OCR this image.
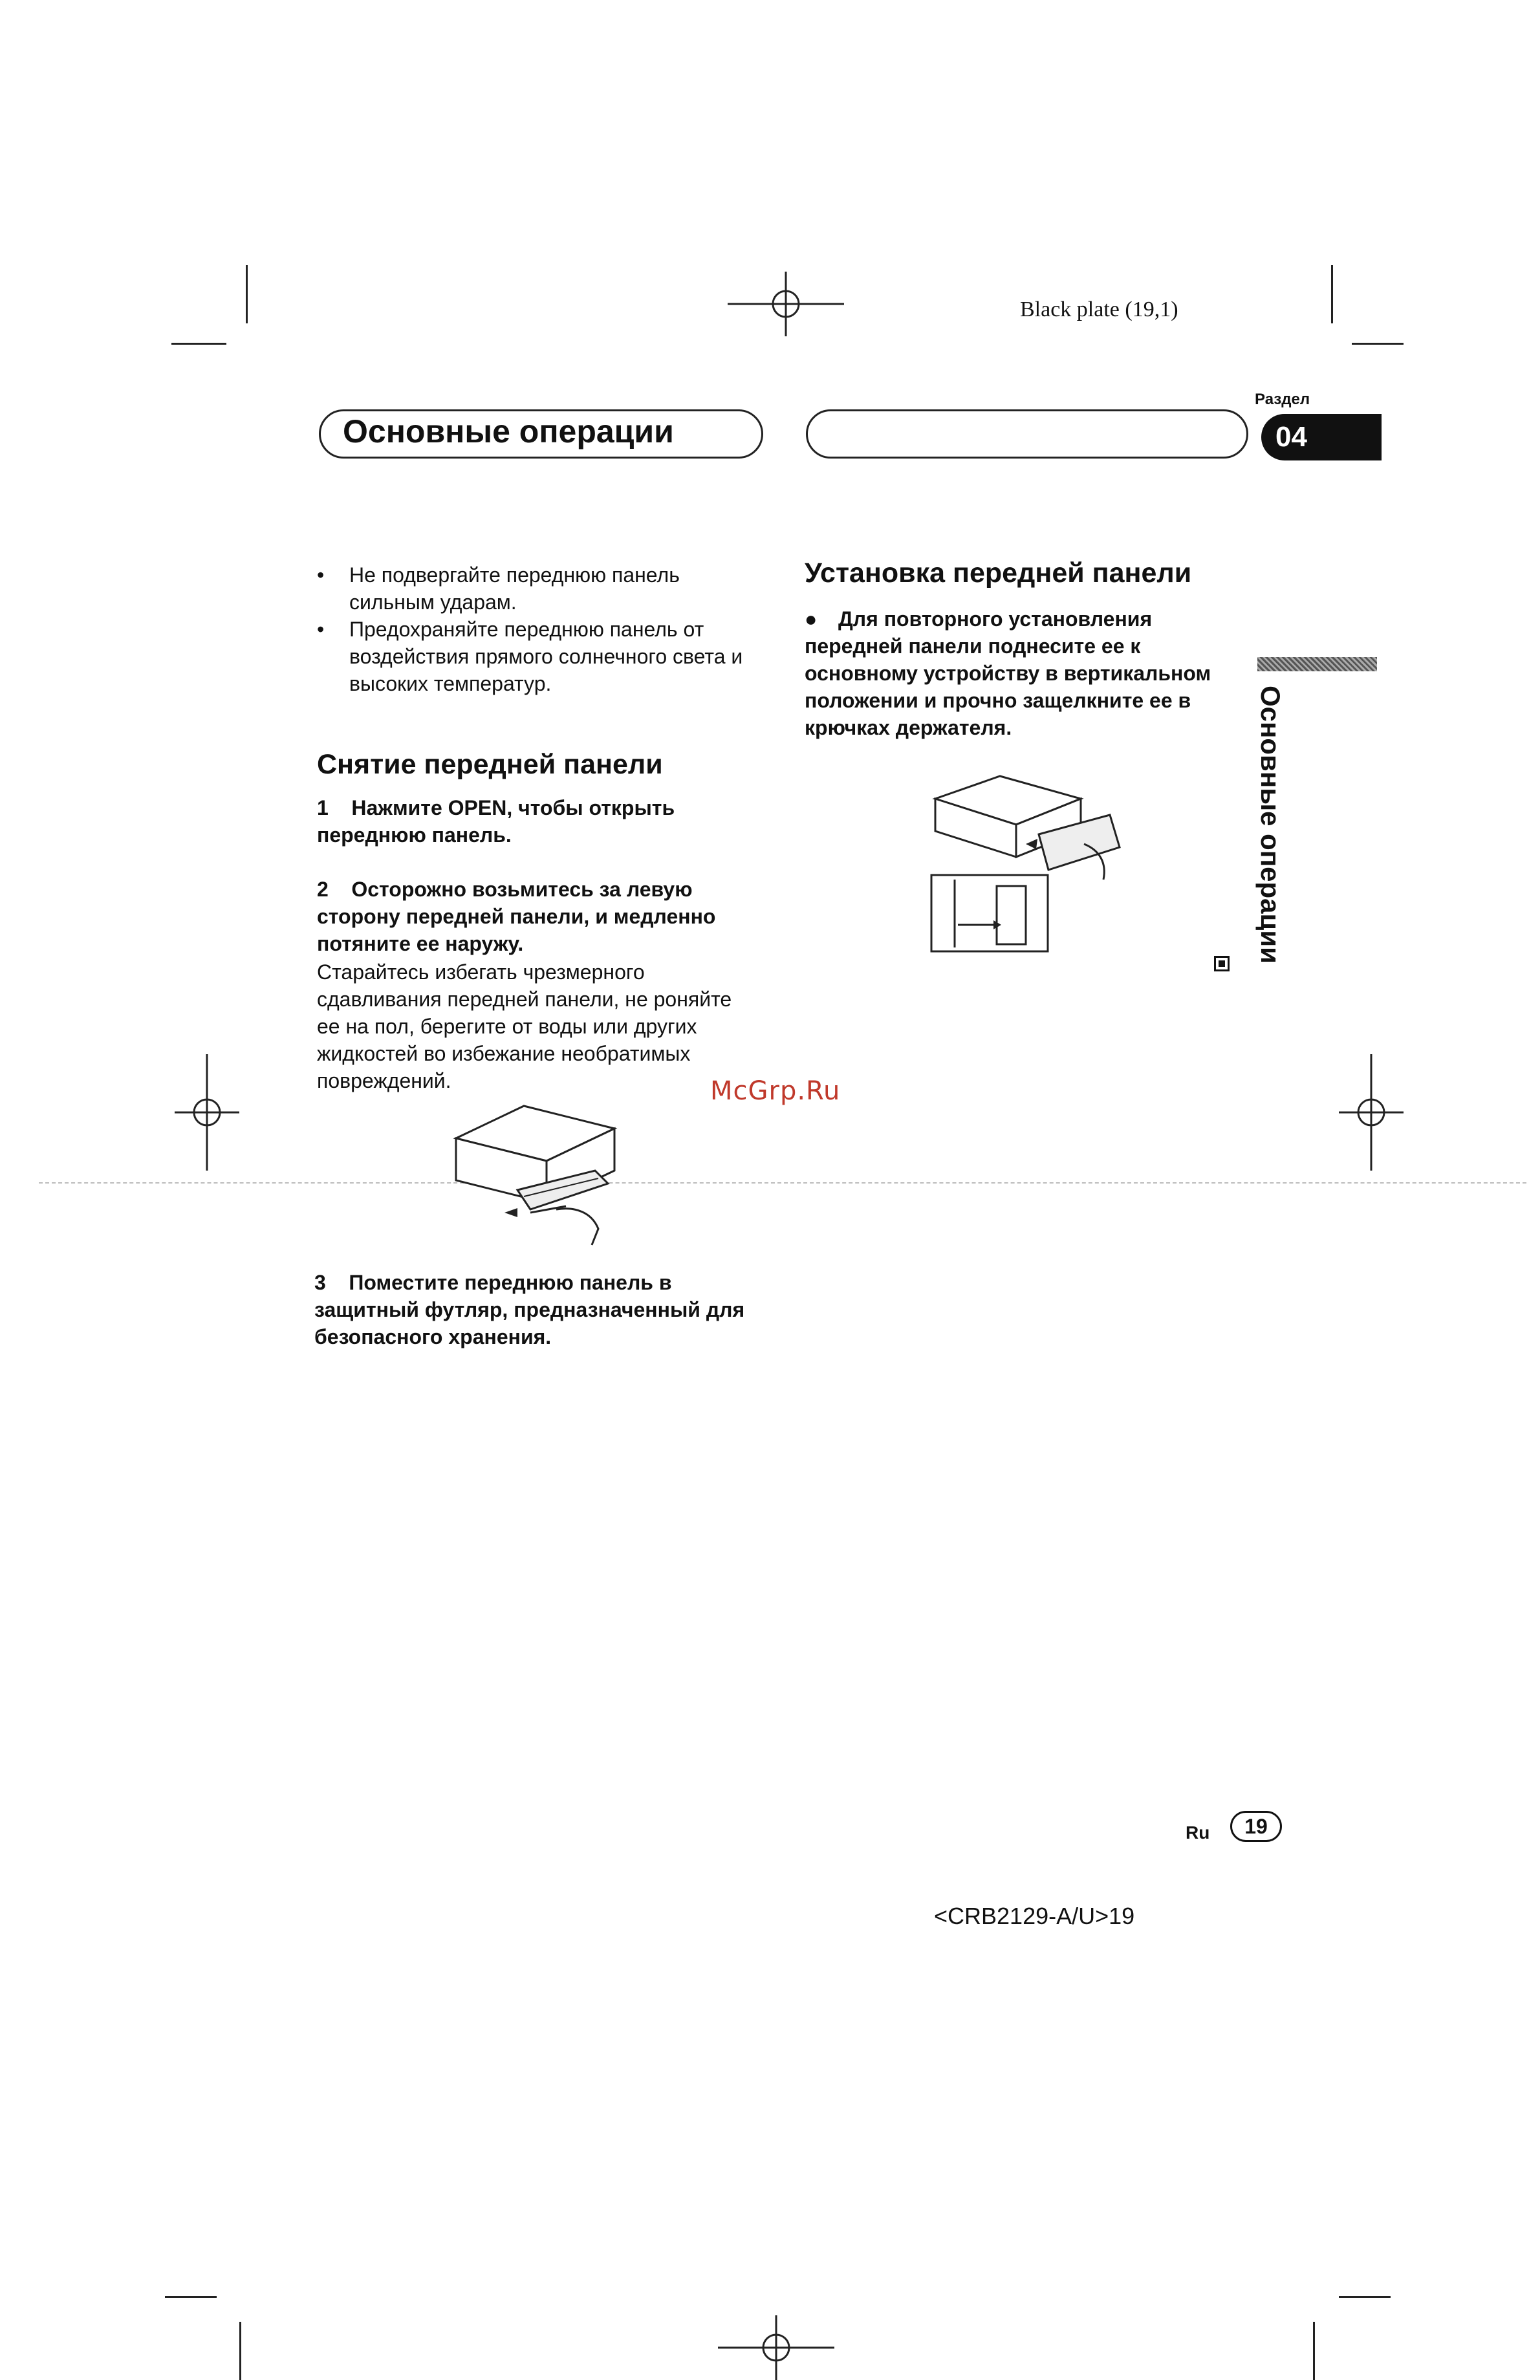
Black plate (19,1)
Основные операции
Раздел
04
• Не подвергайте переднюю панель сильным ударам.
• Предохраняйте переднюю панель от воздействия прямого солнечного света и высоких температур.
Снятие передней панели
1    Нажмите OPEN, чтобы открыть переднюю панель.
2    Осторожно возьмитесь за левую сторону передней панели, и медленно потяните ее наружу.
Старайтесь избегать чрезмерного сдавливания передней панели, не роняйте ее на пол, берегите от воды или других жидкостей во избежание необратимых повреждений.
3    Поместите переднюю панель в защитный футляр, предназначенный для безопасного хранения.
Установка передней панели
●	Для повторного установления передней панели поднесите ее к основному устройству в вертикальном положении и прочно защелкните ее в крючках держателя.	Основные операции
McGrp.Ru
Ru	19
<CRB2129-A/U>19
